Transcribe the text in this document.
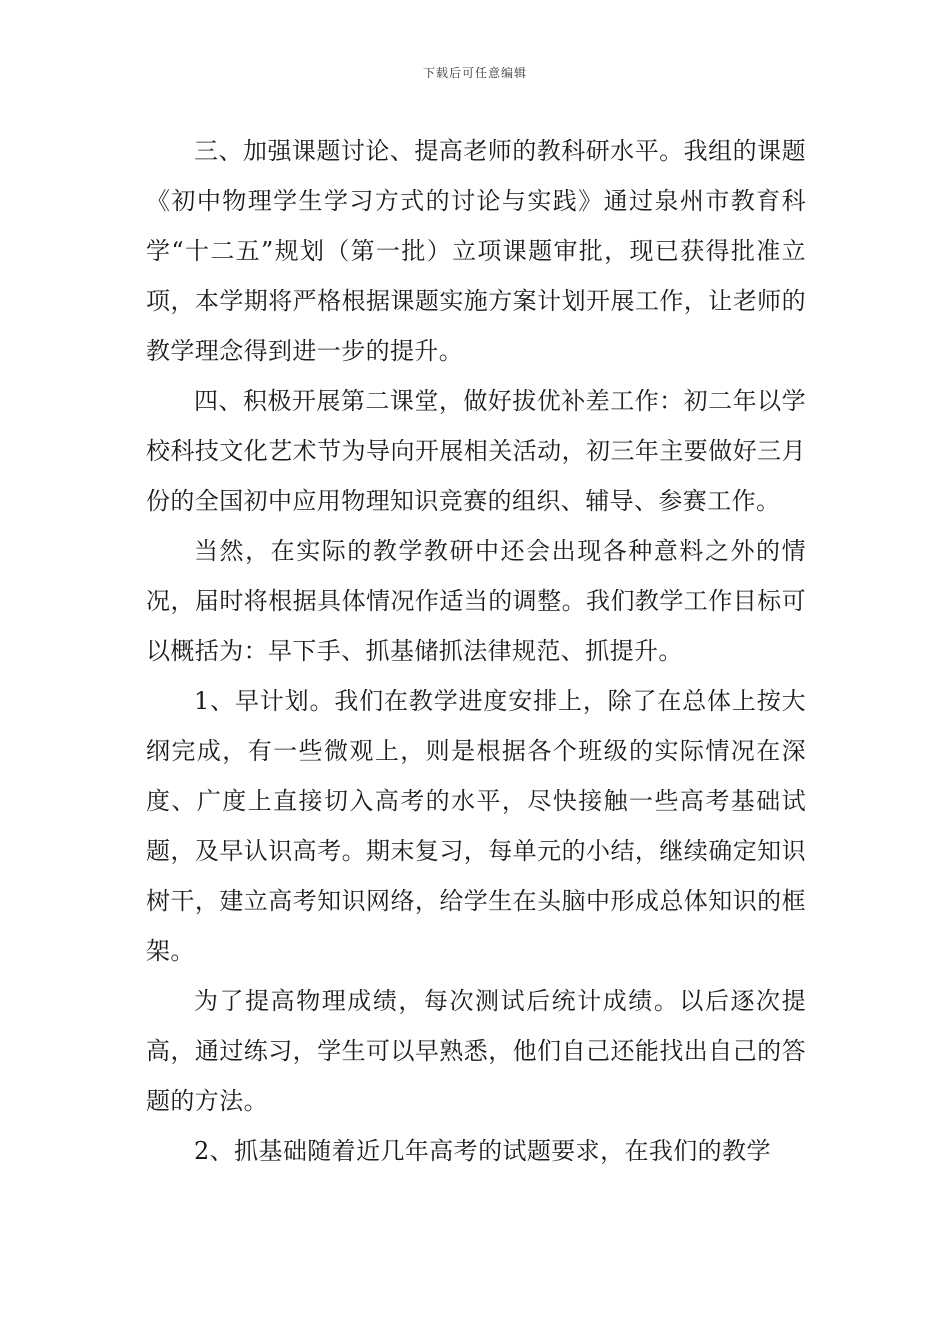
下载后可任意编辑

三、加强课题讨论、提高老师的教科研水平。我组的课题《初中物理学生学习方式的讨论与实践》通过泉州市教育科学“十二五”规划（第一批）立项课题审批，现已获得批准立项，本学期将严格根据课题实施方案计划开展工作，让老师的教学理念得到进一步的提升。

四、积极开展第二课堂，做好拔优补差工作：初二年以学校科技文化艺术节为导向开展相关活动，初三年主要做好三月份的全国初中应用物理知识竞赛的组织、辅导、参赛工作。

当然，在实际的教学教研中还会出现各种意料之外的情况，届时将根据具体情况作适当的调整。我们教学工作目标可以概括为：早下手、抓基储抓法律规范、抓提升。

1、早计划。我们在教学进度安排上，除了在总体上按大纲完成，有一些微观上，则是根据各个班级的实际情况在深度、广度上直接切入高考的水平，尽快接触一些高考基础试题，及早认识高考。期末复习，每单元的小结，继续确定知识树干，建立高考知识网络，给学生在头脑中形成总体知识的框架。

为了提高物理成绩，每次测试后统计成绩。以后逐次提高，通过练习，学生可以早熟悉，他们自己还能找出自己的答题的方法。

2、抓基础随着近几年高考的试题要求，在我们的教学
